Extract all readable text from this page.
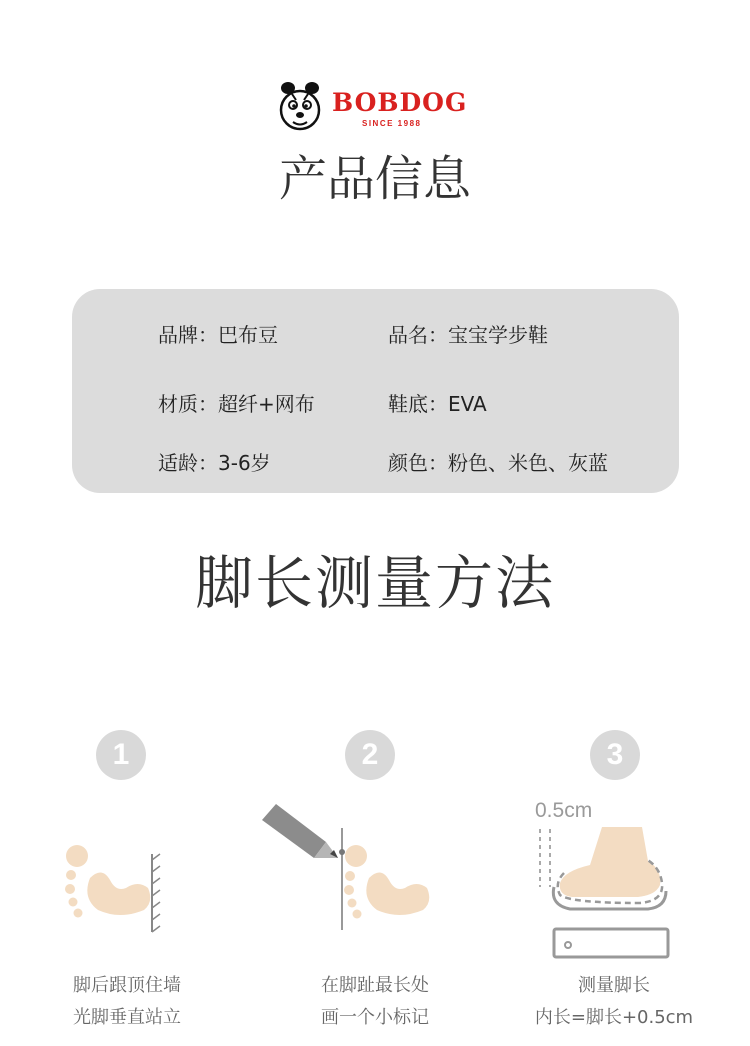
BOBDOG
SINCE 1988
产品信息
品牌：巴布豆	品名：宝宝学步鞋
材质：超纤+网布	鞋底：EVA
适龄：3-6岁	颜色：粉色、米色、灰蓝
脚长测量方法
1
脚后跟顶住墙
光脚垂直站立
2
在脚趾最长处
画一个小标记
3
0.5cm
测量脚长
内长=脚长+0.5cm
